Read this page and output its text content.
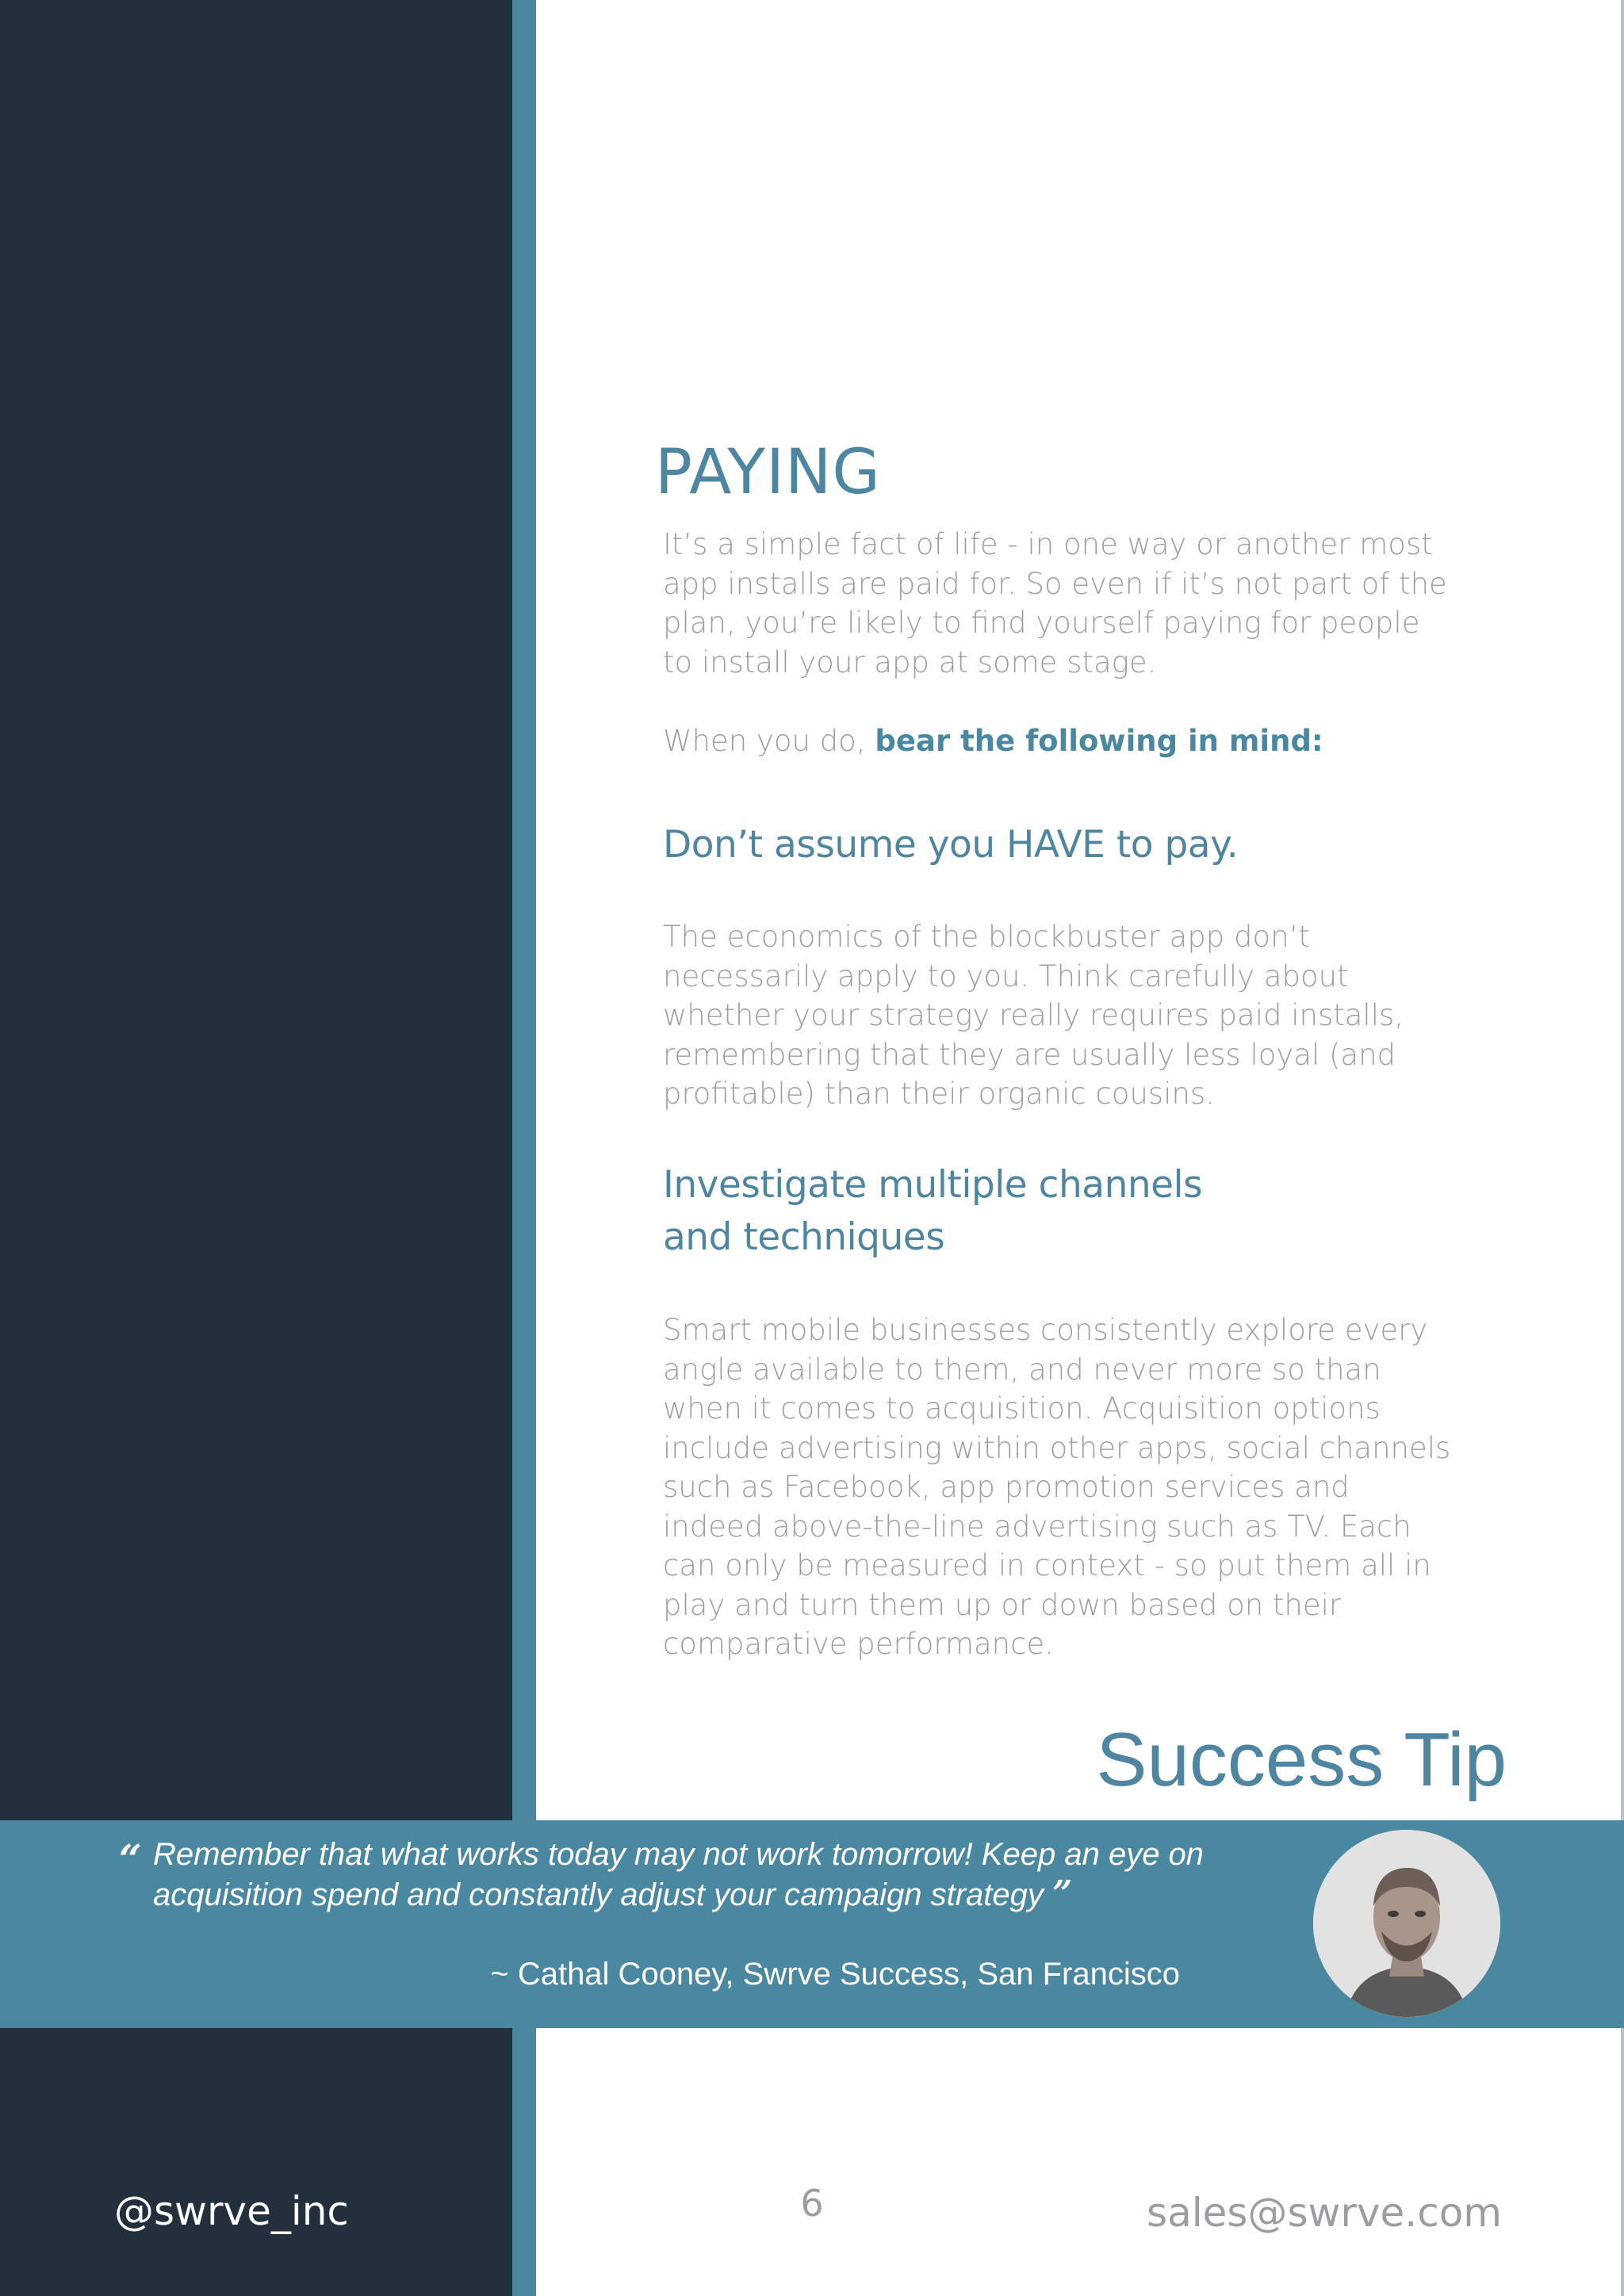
PAYING

It’s a simple fact of life - in one way or another most app installs are paid for. So even if it’s not part of the plan, you’re likely to find yourself paying for people to install your app at some stage.

When you do, bear the following in mind:

Don’t assume you HAVE to pay.

The economics of the blockbuster app don’t necessarily apply to you. Think carefully about whether your strategy really requires paid installs, remembering that they are usually less loyal (and profitable) than their organic cousins.

Investigate multiple channels and techniques

Smart mobile businesses consistently explore every angle available to them, and never more so than when it comes to acquisition. Acquisition options include advertising within other apps, social channels such as Facebook, app promotion services and indeed above-the-line advertising such as TV. Each can only be measured in context - so put them all in play and turn them up or down based on their comparative performance.

Success Tip
“ Remember that what works today may not work tomorrow! Keep an eye on acquisition spend and constantly adjust your campaign strategy ”
~ Cathal Cooney, Swrve Success, San Francisco
@swrve_inc	6	sales@swrve.com
